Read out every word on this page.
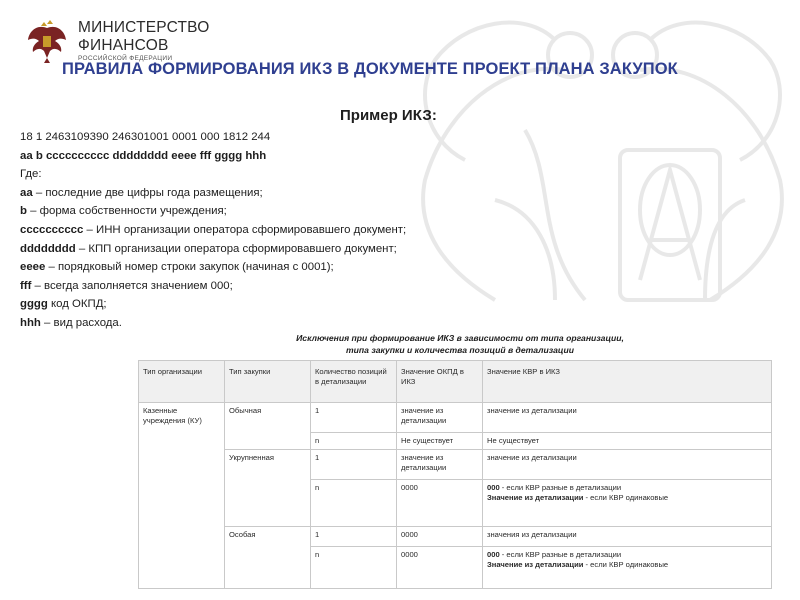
МИНИСТЕРСТВО
ФИНАНСОВ
РОССИЙСКОЙ ФЕДЕРАЦИИ
ПРАВИЛА ФОРМИРОВАНИЯ ИКЗ В ДОКУМЕНТЕ ПРОЕКТ ПЛАНА ЗАКУПОК
Пример ИКЗ:
18 1 2463109390 246301001 0001 000 1812 244
aa b cccccccccc dddddddd eeee fff gggg hhh
Где:
aa – последние две цифры года размещения;
b – форма собственности учреждения;
cccccccccc – ИНН организации оператора сформировавшего документ;
dddddddd – КПП организации оператора сформировавшего документ;
eeee – порядковый номер строки закупок (начиная с 0001);
fff – всегда заполняется значением 000;
gggg код ОКПД;
hhh – вид расхода.
Исключения при формирование ИКЗ в зависимости от типа организации,
типа закупки и количества позиций в детализации
Тип организации	Тип закупки	Количество позиций в детализации	Значение ОКПД в ИКЗ	Значение КВР в ИКЗ
Казенные учреждения (КУ)	Обычная	1	значение из детализации	значение из детализации
		n	Не существует	Не существует
	Укрупненная	1	значение из детализации	значение из детализации
		n	0000	000 - если КВР разные в детализации
Значение из детализации - если КВР одинаковые

	Особая	1	0000	значения из детализации
		n	0000	000 - если КВР разные в детализации
Значение из детализации - если КВР одинаковые
